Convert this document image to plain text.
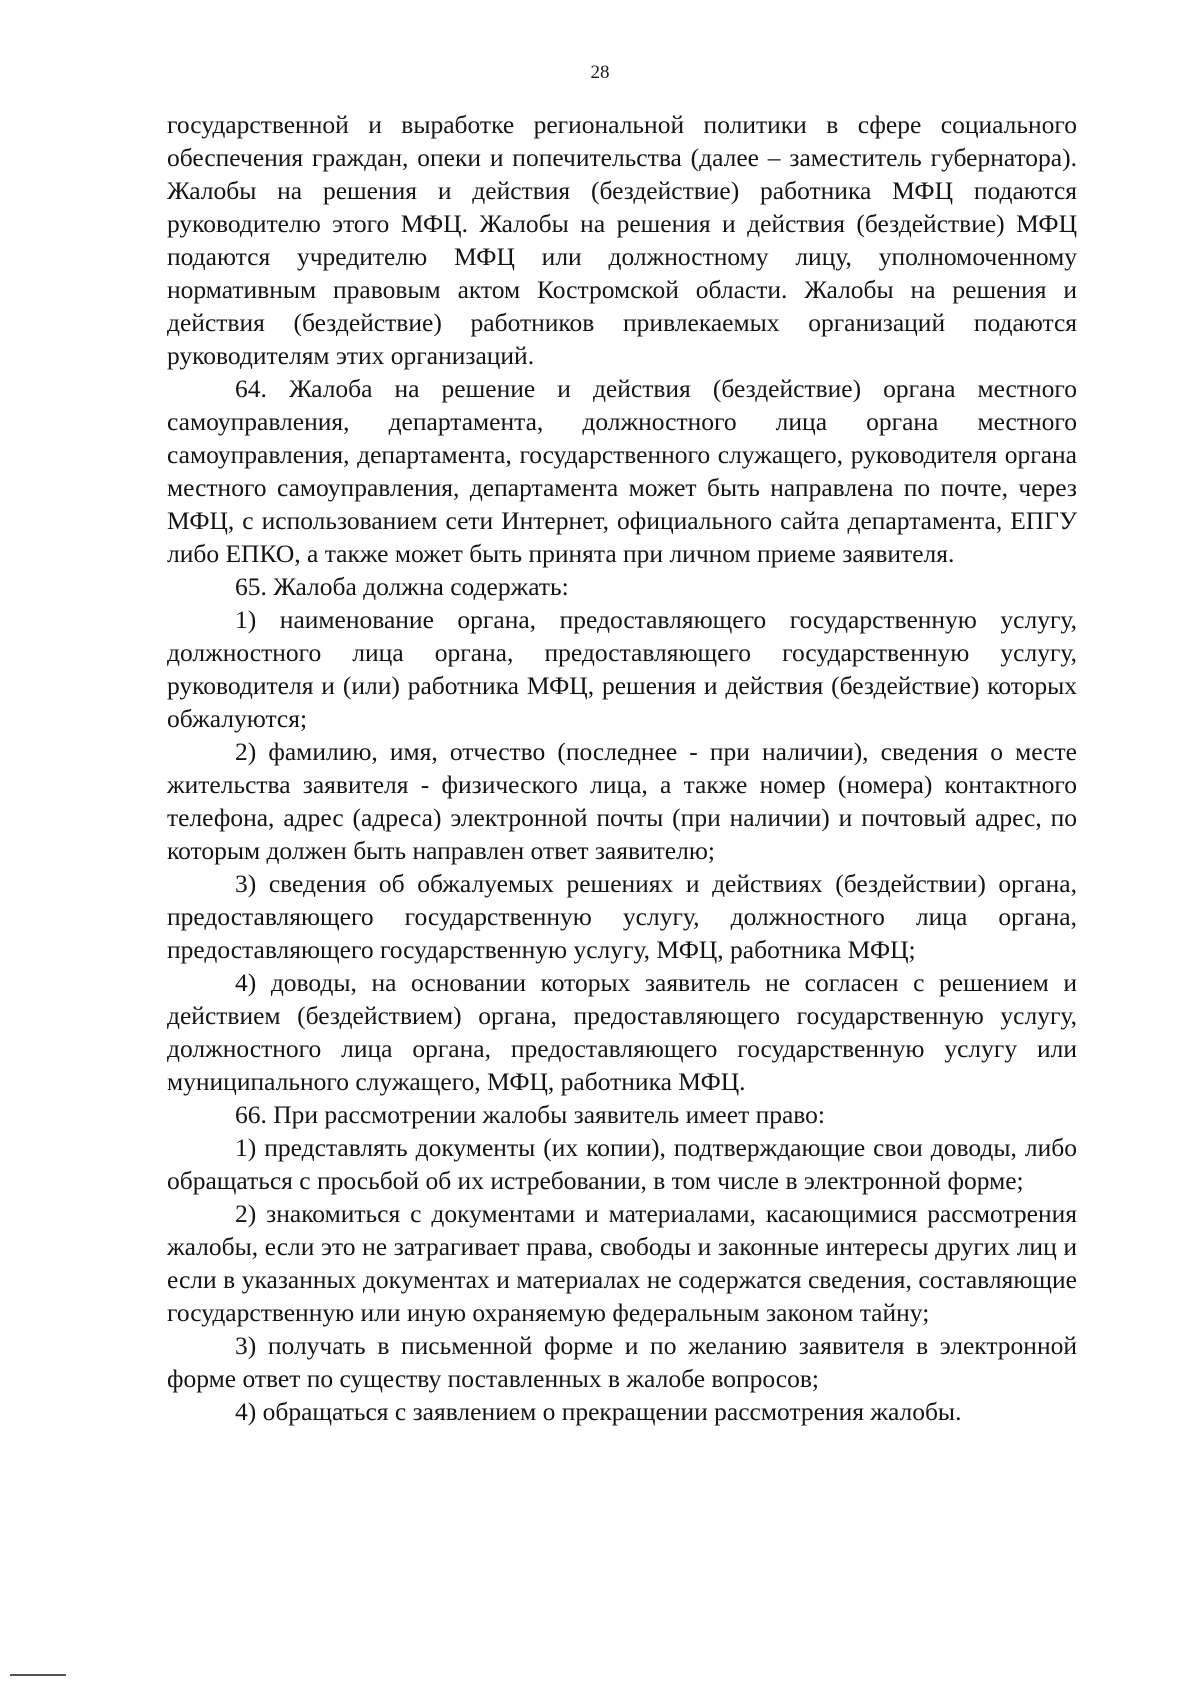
28

государственной и выработке региональной политики в сфере социального обеспечения граждан, опеки и попечительства (далее – заместитель губернатора). Жалобы на решения и действия (бездействие) работника МФЦ подаются руководителю этого МФЦ. Жалобы на решения и действия (бездействие) МФЦ подаются учредителю МФЦ или должностному лицу, уполномоченному нормативным правовым актом Костромской области. Жалобы на решения и действия (бездействие) работников привлекаемых организаций подаются руководителям этих организаций.

64. Жалоба на решение и действия (бездействие) органа местного самоуправления, департамента, должностного лица органа местного самоуправления, департамента, государственного служащего, руководителя органа местного самоуправления, департамента может быть направлена по почте, через МФЦ, с использованием сети Интернет, официального сайта департамента, ЕПГУ либо ЕПКО, а также может быть принята при личном приеме заявителя.

65. Жалоба должна содержать:

1) наименование органа, предоставляющего государственную услугу, должностного лица органа, предоставляющего государственную услугу, руководителя и (или) работника МФЦ, решения и действия (бездействие) которых обжалуются;

2) фамилию, имя, отчество (последнее - при наличии), сведения о месте жительства заявителя - физического лица, а также номер (номера) контактного телефона, адрес (адреса) электронной почты (при наличии) и почтовый адрес, по которым должен быть направлен ответ заявителю;

3) сведения об обжалуемых решениях и действиях (бездействии) органа, предоставляющего государственную услугу, должностного лица органа, предоставляющего государственную услугу, МФЦ, работника МФЦ;

4) доводы, на основании которых заявитель не согласен с решением и действием (бездействием) органа, предоставляющего государственную услугу, должностного лица органа, предоставляющего государственную услугу или муниципального служащего, МФЦ, работника МФЦ.

66. При рассмотрении жалобы заявитель имеет право:

1) представлять документы (их копии), подтверждающие свои доводы, либо обращаться с просьбой об их истребовании, в том числе в электронной форме;

2) знакомиться с документами и материалами, касающимися рассмотрения жалобы, если это не затрагивает права, свободы и законные интересы других лиц и если в указанных документах и материалах не содержатся сведения, составляющие государственную или иную охраняемую федеральным законом тайну;

3) получать в письменной форме и по желанию заявителя в электронной форме ответ по существу поставленных в жалобе вопросов;

4) обращаться с заявлением о прекращении рассмотрения жалобы.
